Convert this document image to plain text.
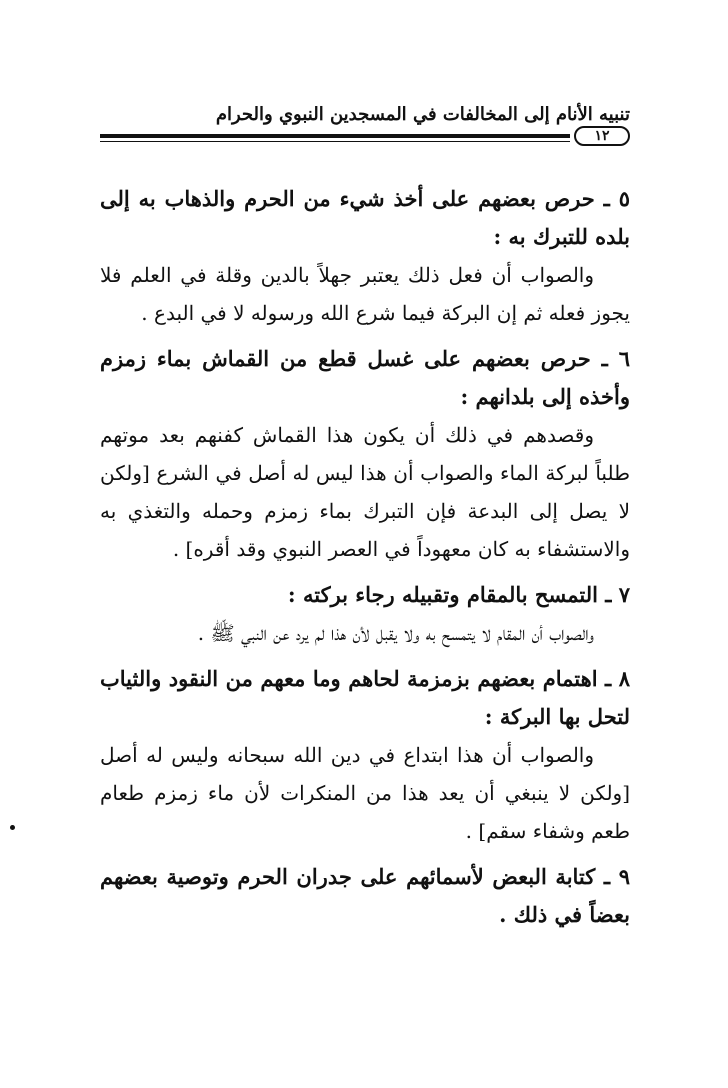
تنبيه الأنام إلى المخالفات في المسجدين النبوي والحرام
١٢

٥ ـ حرص بعضهم على أخذ شيء من الحرم والذهاب به إلى بلده للتبرك به :

والصواب أن فعل ذلك يعتبر جهلاً بالدين وقلة في العلم فلا يجوز فعله ثم إن البركة فيما شرع الله ورسوله لا في البدع .

٦ ـ حرص بعضهم على غسل قطع من القماش بماء زمزم وأخذه إلى بلدانهم :

وقصدهم في ذلك أن يكون هذا القماش كفنهم بعد موتهم طلباً لبركة الماء والصواب أن هذا ليس له أصل في الشرع [ولكن لا يصل إلى البدعة فإن التبرك بماء زمزم وحمله والتغذي به والاستشفاء به كان معهوداً في العصر النبوي وقد أقره] .

٧ ـ التمسح بالمقام وتقبيله رجاء بركته :

والصواب أن المقام لا يتمسح به ولا يقبل لأن هذا لم يرد عن النبي ﷺ .

٨ ـ اهتمام بعضهم بزمزمة لحاهم وما معهم من النقود والثياب لتحل بها البركة :

والصواب أن هذا ابتداع في دين الله سبحانه وليس له أصل [ولكن لا ينبغي أن يعد هذا من المنكرات لأن ماء زمزم طعام طعم وشفاء سقم] .

٩ ـ كتابة البعض لأسمائهم على جدران الحرم وتوصية بعضهم بعضاً في ذلك .
